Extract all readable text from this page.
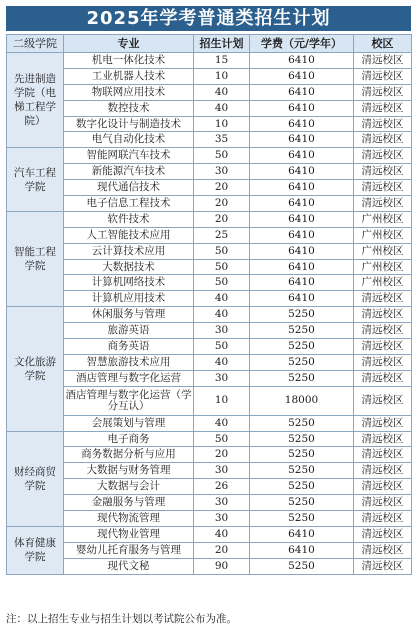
2025年学考普通类招生计划
二级学院	专业	招生计划	学费（元/学年）	校区
先进制造学院（电梯工程学院）	机电一体化技术	15	6410	清远校区
	工业机器人技术	10	6410	清远校区
	物联网应用技术	40	6410	清远校区
	数控技术	40	6410	清远校区
	数字化设计与制造技术	10	6410	清远校区
	电气自动化技术	35	6410	清远校区
汽车工程学院	智能网联汽车技术	50	6410	清远校区
	新能源汽车技术	30	6410	清远校区
	现代通信技术	20	6410	清远校区
	电子信息工程技术	20	6410	清远校区
智能工程学院	软件技术	20	6410	广州校区
	人工智能技术应用	25	6410	广州校区
	云计算技术应用	50	6410	广州校区
	大数据技术	50	6410	广州校区
	计算机网络技术	50	6410	广州校区
	计算机应用技术	40	6410	清远校区
文化旅游学院	休闲服务与管理	40	5250	清远校区
	旅游英语	30	5250	清远校区
	商务英语	50	5250	清远校区
	智慧旅游技术应用	40	5250	清远校区
	酒店管理与数字化运营	30	5250	清远校区
	酒店管理与数字化运营（学分互认）	10	18000	清远校区
	会展策划与管理	40	5250	清远校区
财经商贸学院	电子商务	50	5250	清远校区
	商务数据分析与应用	20	5250	清远校区
	大数据与财务管理	30	5250	清远校区
	大数据与会计	26	5250	清远校区
	金融服务与管理	30	5250	清远校区
	现代物流管理	30	5250	清远校区
体育健康学院	现代物业管理	40	6410	清远校区
	婴幼儿托育服务与管理	20	6410	清远校区
	现代文秘	90	5250	清远校区
注：以上招生专业与招生计划以考试院公布为准。
